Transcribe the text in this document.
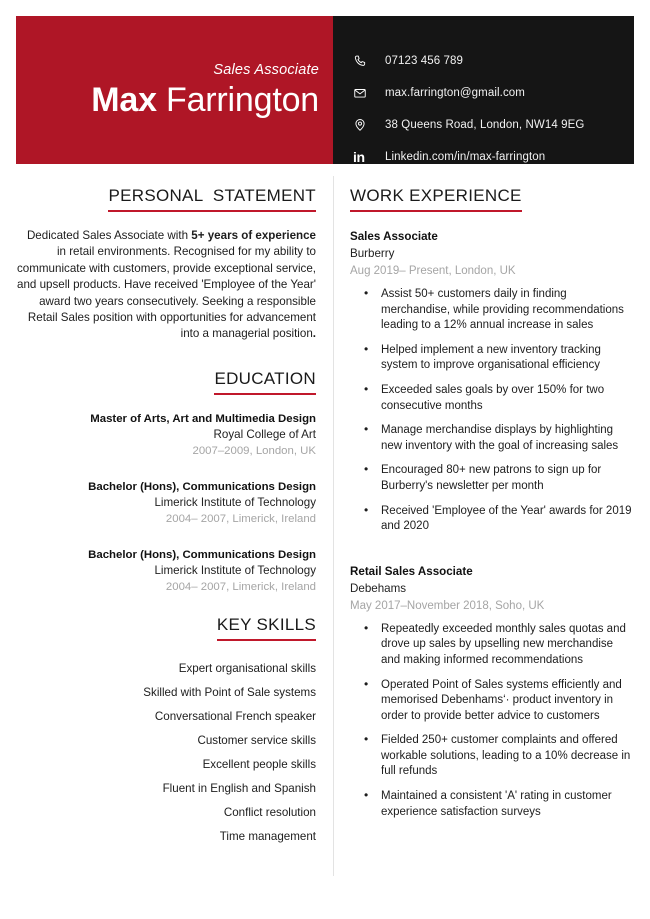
Sales Associate
Max Farrington
07123 456 789
max.farrington@gmail.com
38 Queens Road, London, NW14 9EG
in	Linkedin.com/in/max-farrington
PERSONAL  STATEMENT
Dedicated Sales Associate with 5+ years of experience in retail environments. Recognised for my ability to communicate with customers, provide exceptional service, and upsell products. Have received 'Employee of the Year' award two years consecutively. Seeking a responsible Retail Sales position with opportunities for advancement into a managerial position.
EDUCATION
Master of Arts, Art and Multimedia Design
Royal College of Art
2007–2009, London, UK
Bachelor (Hons), Communications Design
Limerick Institute of Technology
2004– 2007, Limerick, Ireland
Bachelor (Hons), Communications Design
Limerick Institute of Technology
2004– 2007, Limerick, Ireland
KEY SKILLS
Expert organisational skills
Skilled with Point of Sale systems
Conversational French speaker
Customer service skills
Excellent people skills
Fluent in English and Spanish
Conflict resolution
Time management
WORK EXPERIENCE
Sales Associate
Burberry
Aug 2019– Present, London, UK
• Assist 50+ customers daily in finding merchandise, while providing recommendations leading to a 12% annual increase in sales
• Helped implement a new inventory tracking system to improve organisational efficiency
• Exceeded sales goals by over 150% for two consecutive months
• Manage merchandise displays by highlighting new inventory with the goal of increasing sales
• Encouraged 80+ new patrons to sign up for Burberry's newsletter per month
• Received 'Employee of the Year' awards for 2019 and 2020
Retail Sales Associate
Debehams
May 2017–November 2018, Soho, UK
• Repeatedly exceeded monthly sales quotas and drove up sales by upselling new merchandise and making informed recommendations
• Operated Point of Sales systems efficiently and memorised Debenhams‘· product inventory in order to provide better advice to customers
• Fielded 250+ customer complaints and offered workable solutions, leading to a 10% decrease in full refunds
• Maintained a consistent 'A' rating in customer experience satisfaction surveys
